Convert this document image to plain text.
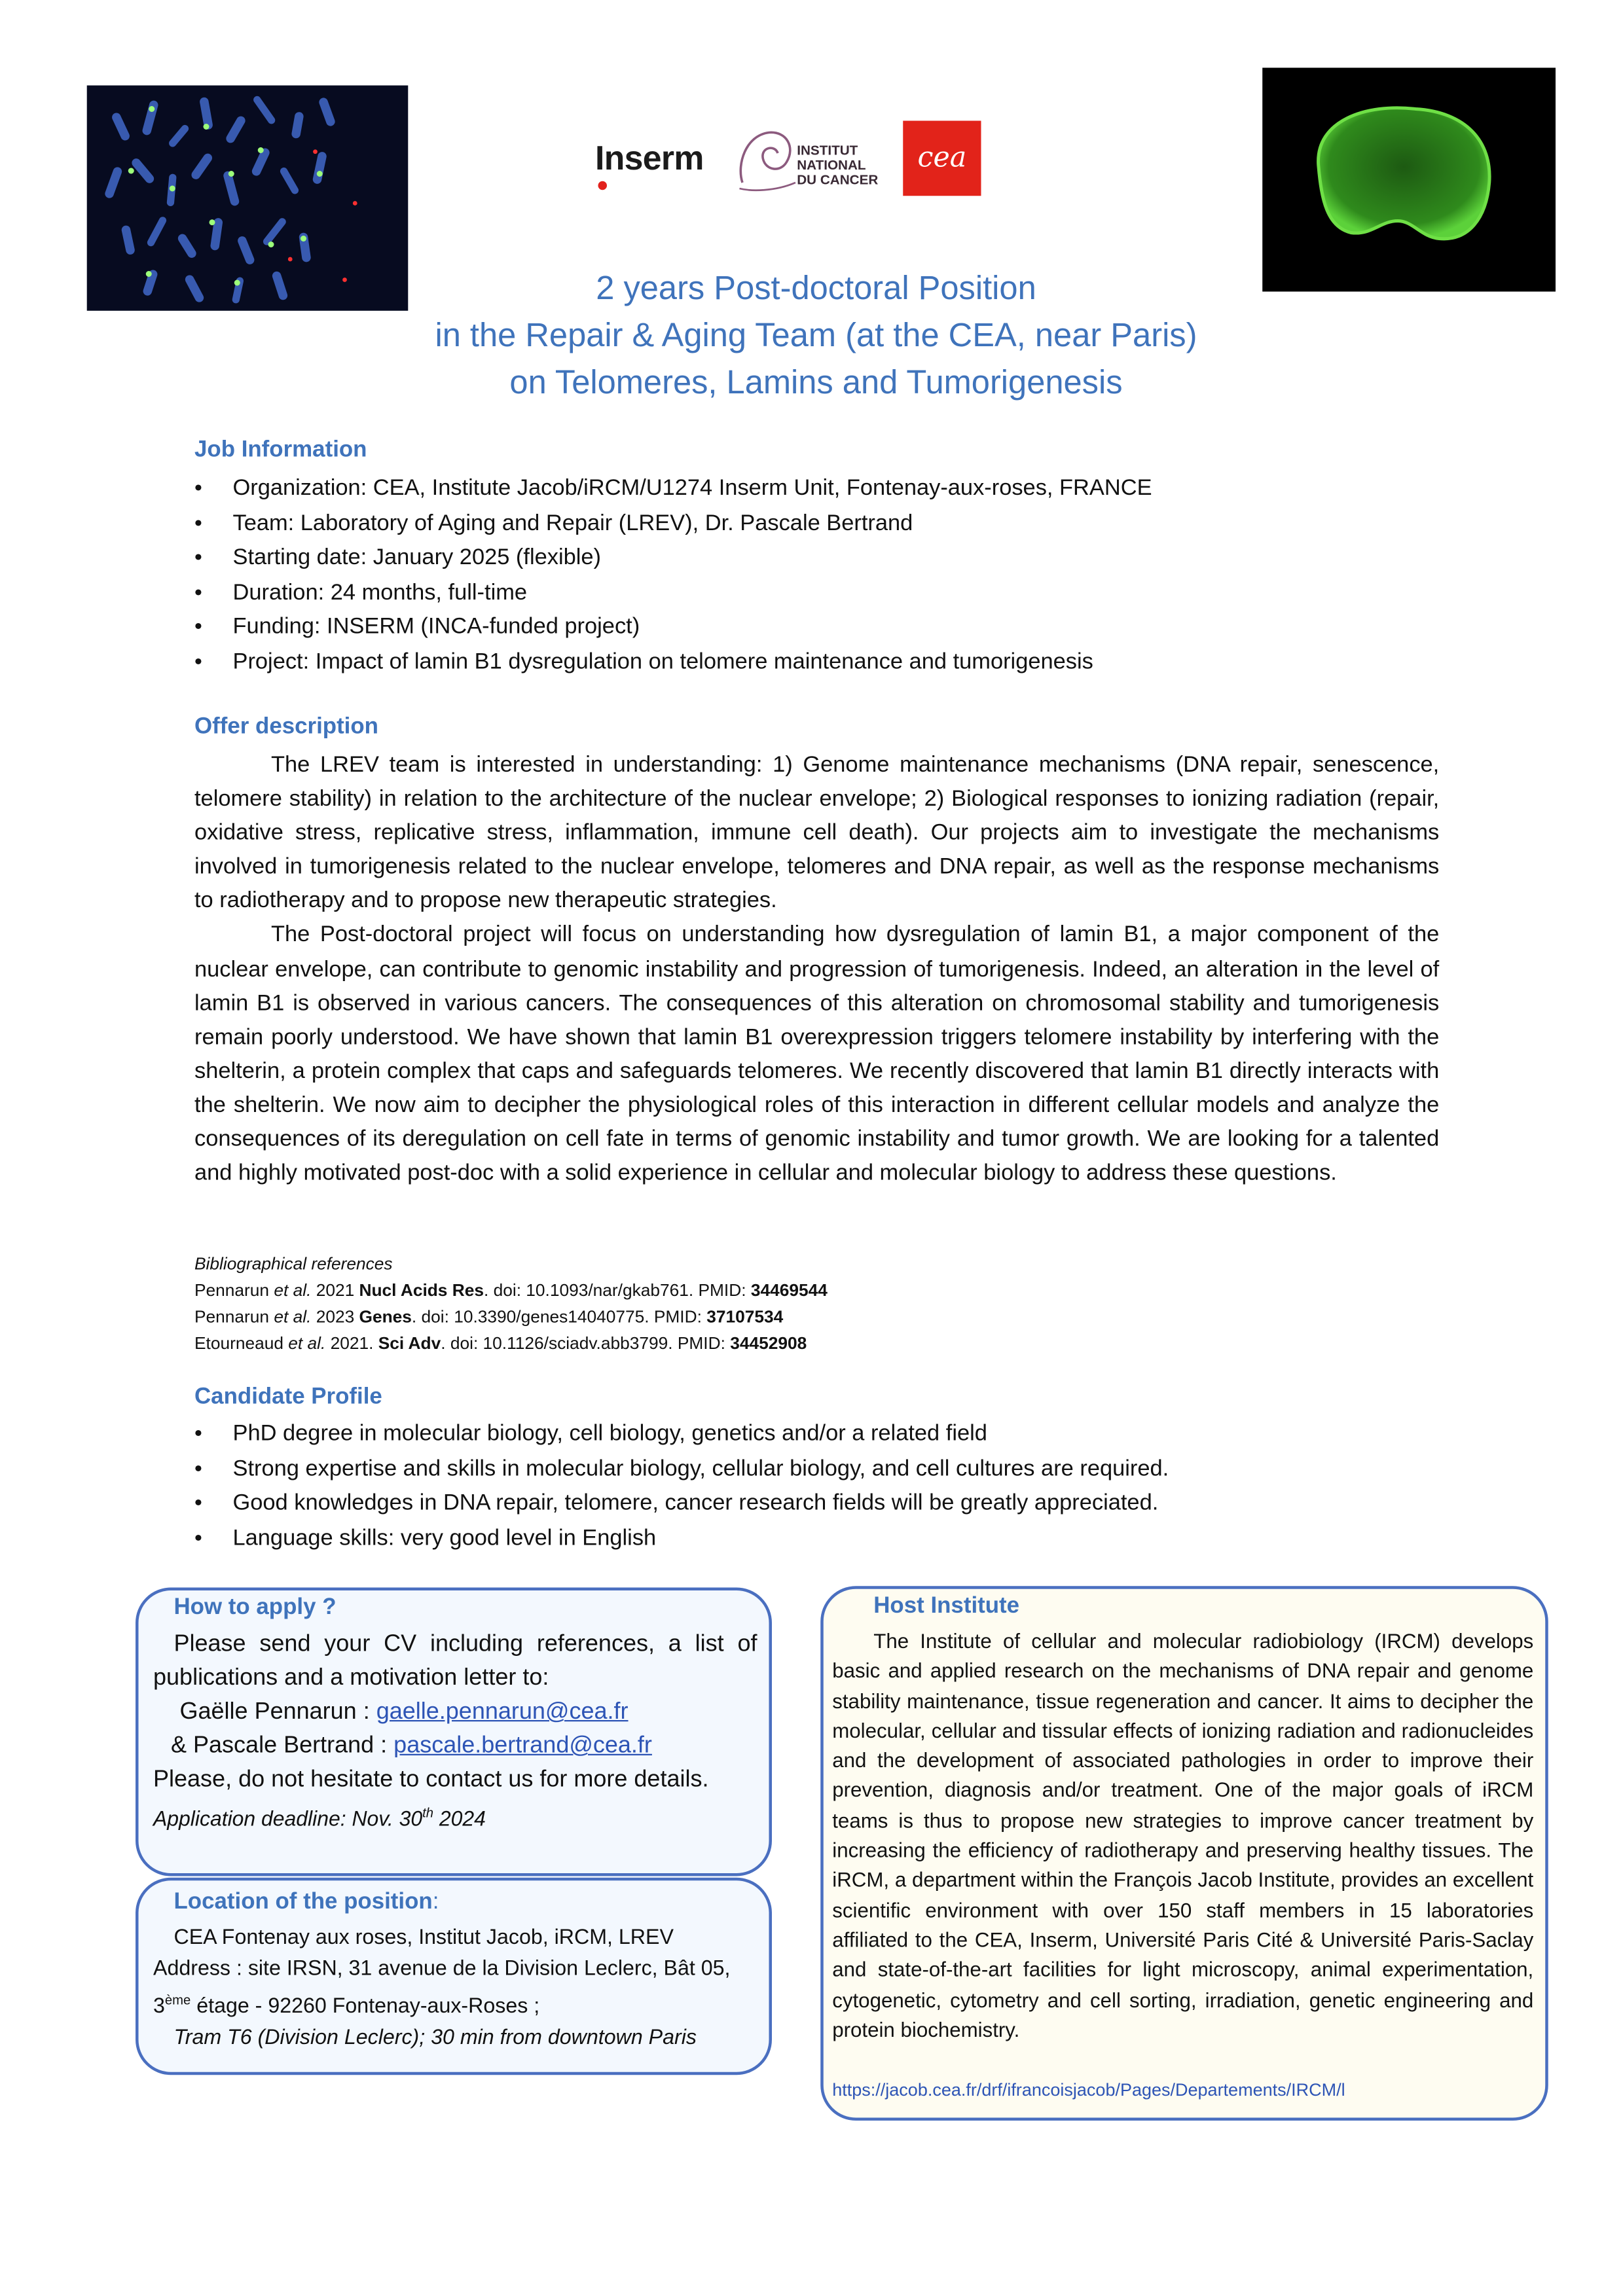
Inserm	INSTITUT
NATIONAL
DU CANCER
cea
2 years Post-doctoral Position
in the Repair & Aging Team (at the CEA, near Paris)
on Telomeres, Lamins and Tumorigenesis
Job Information
• Organization: CEA, Institute Jacob/iRCM/U1274 Inserm Unit, Fontenay-aux-roses, FRANCE
• Team: Laboratory of Aging and Repair (LREV), Dr. Pascale Bertrand
• Starting date: January 2025 (flexible)
• Duration: 24 months, full-time
• Funding: INSERM (INCA-funded project)
• Project: Impact of lamin B1 dysregulation on telomere maintenance and tumorigenesis
Offer description

The LREV team is interested in understanding: 1) Genome maintenance mechanisms (DNA repair, senescence, telomere stability) in relation to the architecture of the nuclear envelope; 2) Biological responses to ionizing radiation (repair, oxidative stress, replicative stress, inflammation, immune cell death). Our projects aim to investigate the mechanisms involved in tumorigenesis related to the nuclear envelope, telomeres and DNA repair, as well as the response mechanisms to radiotherapy and to propose new therapeutic strategies.

The Post-doctoral project will focus on understanding how dysregulation of lamin B1, a major component of the nuclear envelope, can contribute to genomic instability and progression of tumorigenesis. Indeed, an alteration in the level of lamin B1 is observed in various cancers. The consequences of this alteration on chromosomal stability and tumorigenesis remain poorly understood. We have shown that lamin B1 overexpression triggers telomere instability by interfering with the shelterin, a protein complex that caps and safeguards telomeres. We recently discovered that lamin B1 directly interacts with the shelterin. We now aim to decipher the physiological roles of this interaction in different cellular models and analyze the consequences of its deregulation on cell fate in terms of genomic instability and tumor growth. We are looking for a talented and highly motivated post-doc with a solid experience in cellular and molecular biology to address these questions.

Bibliographical references
Pennarun et al. 2021 Nucl Acids Res. doi: 10.1093/nar/gkab761. PMID: 34469544
Pennarun et al. 2023 Genes. doi: 10.3390/genes14040775. PMID: 37107534
Etourneaud et al. 2021. Sci Adv. doi: 10.1126/sciadv.abb3799. PMID: 34452908
Candidate Profile
• PhD degree in molecular biology, cell biology, genetics and/or a related field
• Strong expertise and skills in molecular biology, cellular biology, and cell cultures are required.
• Good knowledges in DNA repair, telomere, cancer research fields will be greatly appreciated.
• Language skills: very good level in English
How to apply ?
Please send your CV including references, a list of publications and a motivation letter to:
Gaëlle Pennarun : gaelle.pennarun@cea.fr
& Pascale Bertrand : pascale.bertrand@cea.fr
Please, do not hesitate to contact us for more details.
Application deadline: Nov. 30th 2024
Location of the position:
CEA Fontenay aux roses, Institut Jacob, iRCM, LREV
Address : site IRSN, 31 avenue de la Division Leclerc, Bât 05,
3ème étage - 92260 Fontenay-aux-Roses ;
Tram T6 (Division Leclerc); 30 min from downtown Paris
Host Institute
The Institute of cellular and molecular radiobiology (IRCM) develops basic and applied research on the mechanisms of DNA repair and genome stability maintenance, tissue regeneration and cancer. It aims to decipher the molecular, cellular and tissular effects of ionizing radiation and radionucleides and the development of associated pathologies in order to improve their prevention, diagnosis and/or treatment. One of the major goals of iRCM teams is thus to propose new strategies to improve cancer treatment by increasing the efficiency of radiotherapy and preserving healthy tissues. The iRCM, a department within the François Jacob Institute, provides an excellent scientific environment with over 150 staff members in 15 laboratories affiliated to the CEA, Inserm, Université Paris Cité & Université Paris-Saclay and state-of-the-art facilities for light microscopy, animal experimentation, cytogenetic, cytometry and cell sorting, irradiation, genetic engineering and protein biochemistry.
https://jacob.cea.fr/drf/ifrancoisjacob/Pages/Departements/IRCM/l
